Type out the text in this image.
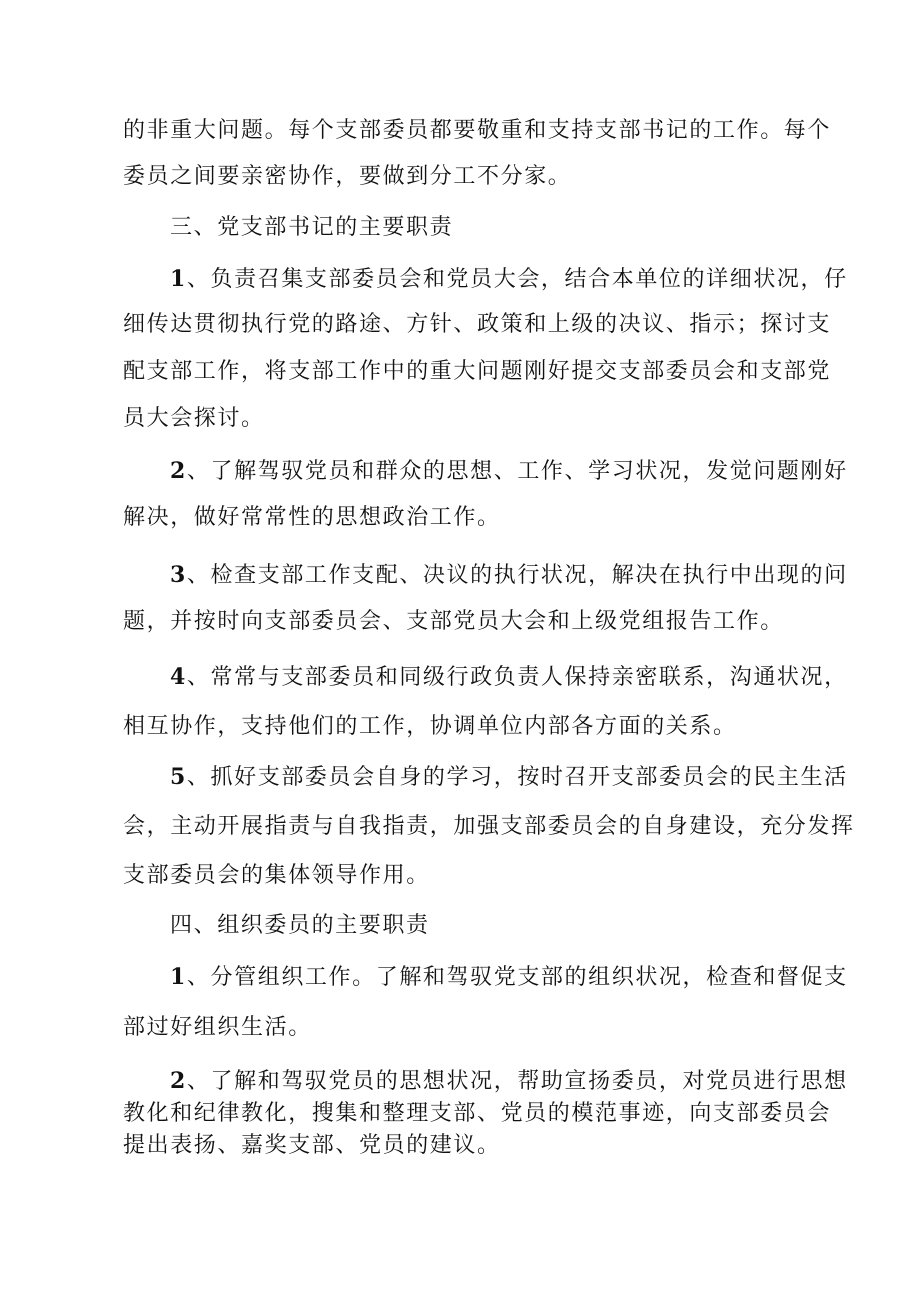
的非重大问题。每个支部委员都要敬重和支持支部书记的工作。每个
委员之间要亲密协作，要做到分工不分家。
三、党支部书记的主要职责
1、负责召集支部委员会和党员大会，结合本单位的详细状况，仔
细传达贯彻执行党的路途、方针、政策和上级的决议、指示；探讨支
配支部工作，将支部工作中的重大问题刚好提交支部委员会和支部党
员大会探讨。
2、了解驾驭党员和群众的思想、工作、学习状况，发觉问题刚好
解决，做好常常性的思想政治工作。
3、检查支部工作支配、决议的执行状况，解决在执行中出现的问
题，并按时向支部委员会、支部党员大会和上级党组报告工作。
4、常常与支部委员和同级行政负责人保持亲密联系，沟通状况，
相互协作，支持他们的工作，协调单位内部各方面的关系。
5、抓好支部委员会自身的学习，按时召开支部委员会的民主生活
会，主动开展指责与自我指责，加强支部委员会的自身建设，充分发挥
支部委员会的集体领导作用。
四、组织委员的主要职责
1、分管组织工作。了解和驾驭党支部的组织状况，检查和督促支
部过好组织生活。
2、了解和驾驭党员的思想状况，帮助宣扬委员，对党员进行思想
教化和纪律教化，搜集和整理支部、党员的模范事迹，向支部委员会
提出表扬、嘉奖支部、党员的建议。
